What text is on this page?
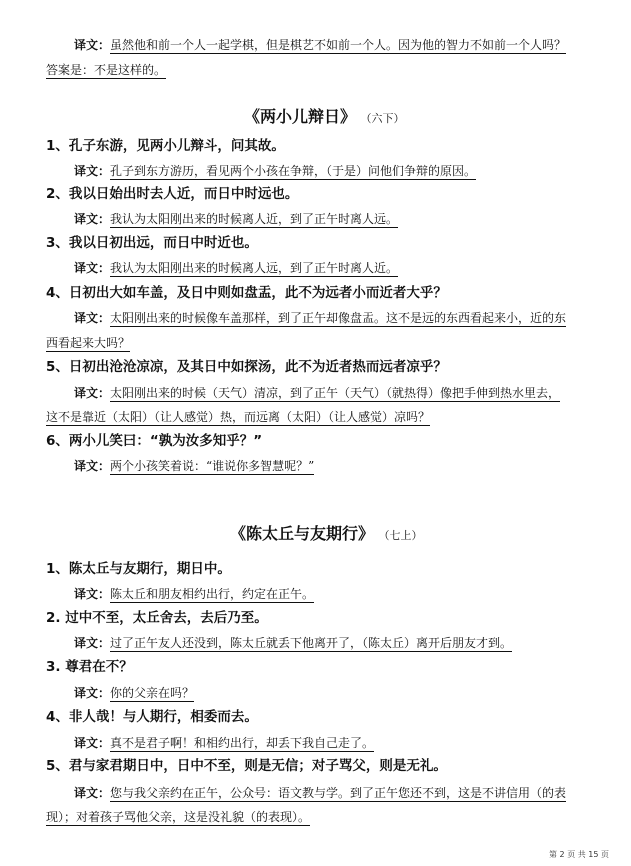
译文：虽然他和前一个人一起学棋，但是棋艺不如前一个人。因为他的智力不如前一个人吗？
答案是：不是这样的。
《两小儿辩日》 （六下）
1、孔子东游，见两小儿辩斗，问其故。
译文：孔子到东方游历，看见两个小孩在争辩，（于是）问他们争辩的原因。
2、我以日始出时去人近，而日中时远也。
译文：我认为太阳刚出来的时候离人近，到了正午时离人远。
3、我以日初出远，而日中时近也。
译文：我认为太阳刚出来的时候离人远，到了正午时离人近。
4、日初出大如车盖，及日中则如盘盂，此不为远者小而近者大乎？
译文：太阳刚出来的时候像车盖那样，到了正午却像盘盂。这不是远的东西看起来小，近的东
西看起来大吗？
5、日初出沧沧凉凉，及其日中如探汤，此不为近者热而远者凉乎？
译文：太阳刚出来的时候（天气）清凉，到了正午（天气）（就热得）像把手伸到热水里去，
这不是靠近（太阳）（让人感觉）热，而远离（太阳）（让人感觉）凉吗？
6、两小儿笑曰：“孰为汝多知乎？”
译文：两个小孩笑着说：“谁说你多智慧呢？”
《陈太丘与友期行》 （七上）
1、陈太丘与友期行，期日中。
译文：陈太丘和朋友相约出行，约定在正午。
2. 过中不至，太丘舍去，去后乃至。
译文：过了正午友人还没到，陈太丘就丢下他离开了，（陈太丘）离开后朋友才到。
3. 尊君在不？
译文：你的父亲在吗？
4、非人哉！与人期行，相委而去。
译文：真不是君子啊！和相约出行，却丢下我自己走了。
5、君与家君期日中，日中不至，则是无信；对子骂父，则是无礼。
译文：您与我父亲约在正午，公众号：语文教与学。到了正午您还不到，这是不讲信用（的表
现）；对着孩子骂他父亲，这是没礼貌（的表现）。
第 2 页 共 15 页
